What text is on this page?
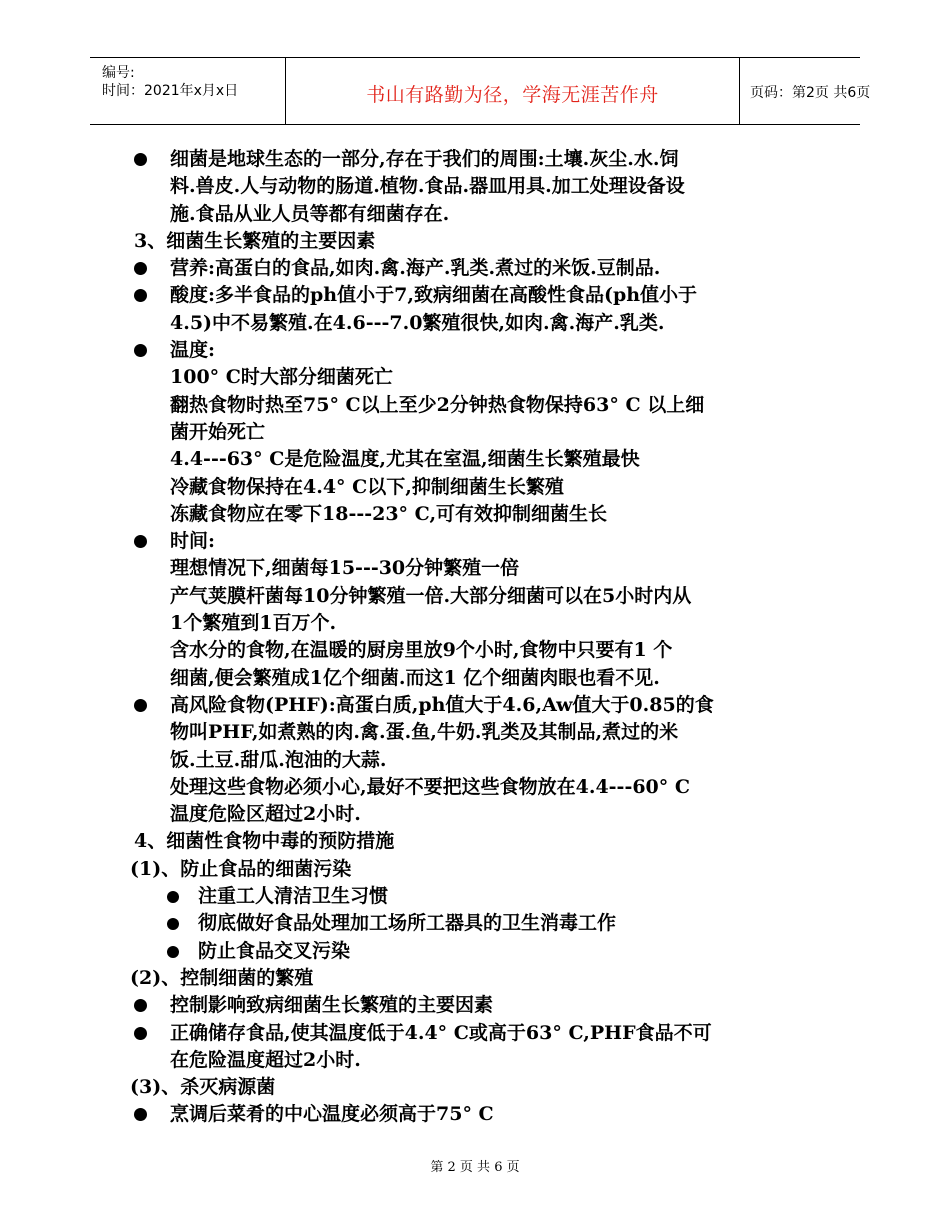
编号:
时间：2021年x月x日	书山有路勤为径，学海无涯苦作舟	页码：第2页 共6页
细菌是地球生态的一部分,存在于我们的周围:土壤.灰尘.水.饲
料.兽皮.人与动物的肠道.植物.食品.器皿用具.加工处理设备设
施.食品从业人员等都有细菌存在.
3、细菌生长繁殖的主要因素
营养:高蛋白的食品,如肉.禽.海产.乳类.煮过的米饭.豆制品.
酸度:多半食品的ph值小于7,致病细菌在高酸性食品(ph值小于
4.5)中不易繁殖.在4.6---7.0繁殖很快,如肉.禽.海产.乳类.
温度:
100° C时大部分细菌死亡
翻热食物时热至75° C以上至少2分钟热食物保持63° C 以上细
菌开始死亡
4.4---63° C是危险温度,尤其在室温,细菌生长繁殖最快
冷藏食物保持在4.4° C以下,抑制细菌生长繁殖
冻藏食物应在零下18---23° C,可有效抑制细菌生长
时间:
理想情况下,细菌每15---30分钟繁殖一倍
产气荚膜杆菌每10分钟繁殖一倍.大部分细菌可以在5小时内从
1个繁殖到1百万个.
含水分的食物,在温暖的厨房里放9个小时,食物中只要有1 个
细菌,便会繁殖成1亿个细菌.而这1 亿个细菌肉眼也看不见.
高风险食物(PHF):高蛋白质,ph值大于4.6,Aw值大于0.85的食
物叫PHF,如煮熟的肉.禽.蛋.鱼,牛奶.乳类及其制品,煮过的米
饭.土豆.甜瓜.泡油的大蒜.
处理这些食物必须小心,最好不要把这些食物放在4.4---60° C
温度危险区超过2小时.
4、细菌性食物中毒的预防措施
(1)、防止食品的细菌污染
注重工人清洁卫生习惯
彻底做好食品处理加工场所工器具的卫生消毒工作
防止食品交叉污染
(2)、控制细菌的繁殖
控制影响致病细菌生长繁殖的主要因素
正确储存食品,使其温度低于4.4° C或高于63° C,PHF食品不可
在危险温度超过2小时.
(3)、杀灭病源菌
烹调后菜肴的中心温度必须高于75° C
第 2 页 共 6 页
